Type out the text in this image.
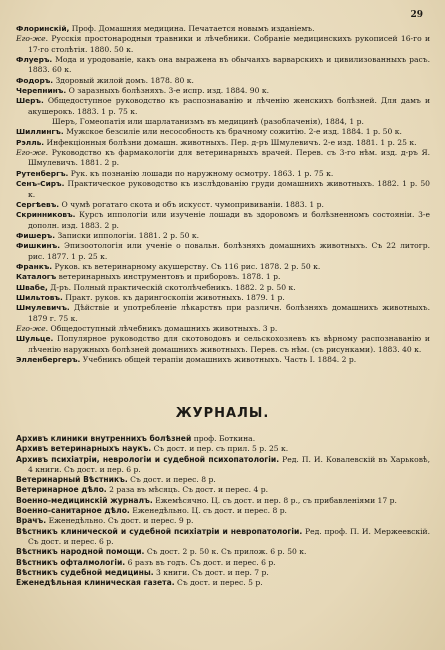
29
Флоринскій, Проф. Домашняя медицина. Печатается новымъ изданіемъ.
Его-же. Русскія простонародныя травники и лѣчебники. Собраніе медицинскихъ рукописей 16-го и 17-го столѣтія. 1880. 50 к.
Флуеръ. Мода и уродованіе, какъ она выражена въ обычаяхъ варварскихъ и цивилизованныхъ расъ. 1883. 60 к.
Фодоръ. Здоровый жилой домъ. 1878. 80 к.
Черепнинъ. О заразныхъ болѣзняхъ. 3-е испр. изд. 1884. 90 к.
Шеръ. Общедоступное руководство къ распознаванію и лѣченію женскихъ болѣзней. Для дамъ и акушерокъ. 1883. 1 р. 75 к.
Шеръ, Гомеопатія или шарлатанизмъ въ медицинѣ (разоблаченія), 1884, 1 р.
Шиллингъ. Мужское безсиліе или несособность къ брачному сожитію. 2-е изд. 1884. 1 р. 50 к.
Рэлль. Инфекціонныя болѣзни домашн. животныхъ. Пер. д-ръ Шмулевичъ. 2-е изд. 1881. 1 р. 25 к.
Его-же. Руководство къ фармакологіи для ветеринарныхъ врачей. Перев. съ 3-го нѣм. изд. д-ръ Я. Шмулевичъ. 1881. 2 р.
Рутенбергъ. Рук. къ познанію лошади по наружному осмотру. 1863. 1 р. 75 к.
Сенъ-Сиръ. Практическое руководство къ изслѣдованію груди домашнихъ животныхъ. 1882. 1 р. 50 к.
Сергѣевъ. О чумѣ рогатаго скота и объ искусст. чумопрививаніи. 1883. 1 р.
Скринниковъ. Курсъ иппологіи или изученіе лошади въ здоровомъ и болѣзненномъ состояніи. 3-е дополн. изд. 1883. 2 р.
Фишеръ. Записки иппологіи. 1881. 2 р. 50 к.
Фишкинъ. Эпизоотологія или ученіе о повальн. болѣзняхъ домашнихъ животныхъ. Съ 22 литогр. рис. 1877. 1 р. 25 к.
Франкъ. Руков. къ ветеринарному акушерству. Съ 116 рис. 1878. 2 р. 50 к.
Каталогъ ветеринарныхъ инструментовъ и приборовъ. 1878. 1 р.
Швабе, Д-ръ. Полный практическій скотолѣчебникъ. 1882. 2 р. 50 к.
Шильтовъ. Практ. руков. къ дарингоскопіи животныхъ. 1879. 1 р.
Шмулевичъ. Дѣйствіе и употребленіе лѣкарствъ при различн. болѣзняхъ домашнихъ животныхъ. 1879 г. 75 к.
Его-же. Общедоступный лѣчебникъ домашнихъ животныхъ. 3 р.
Шульце. Популярное руководство для скотоводовъ и сельскохозяевъ къ вѣрному распознаванію и лѣченію наружныхъ болѣзней домашнихъ животныхъ. Перев. съ нѣм. (съ рисунками). 1883. 40 к.
Элленбергеръ. Учебникъ общей терапіи домашнихъ животныхъ. Часть I. 1884. 2 р.
ЖУРНАЛЫ.
Архивъ клиники внутреннихъ болѣзней проф. Боткина.
Архивъ ветеринарныхъ наукъ. Съ дост. и пер. съ прил. 5 р. 25 к.
Архивъ психіатріи, неврологіи и судебной психопатологіи. Ред. П. И. Ковалевскій въ Харьковѣ, 4 книги. Съ дост. и пер. 6 р.
Ветеринарный Вѣстникъ. Съ дост. и перес. 8 р.
Ветеринарное дѣло. 2 раза въ мѣсяцъ. Съ дост. и перес. 4 р.
Военно-медицинскій журналъ. Ежемѣсячно. Ц. съ дост. и пер. 8 р., съ прибавленіями 17 р.
Военно-санитарное дѣло. Еженедѣльно. Ц. съ дост. и перес. 8 р.
Врачъ. Еженедѣльно. Съ дост. и перес. 9 р.
Вѣстникъ клинической и судебной психіатріи и невропатологіи. Ред. проф. П. И. Мержеевскій. Съ дост. и перес. 6 р.
Вѣстникъ народной помощи. Съ дост. 2 р. 50 к. Съ прилож. 6 р. 50 к.
Вѣстникъ офталмологіи. 6 разъ въ годъ. Съ дост. и перес. 6 р.
Вѣстникъ судебной медицины. 3 книги. Съ дост. и пер. 7 р.
Еженедѣльная клиническая газета. Съ дост. и перес. 5 р.
